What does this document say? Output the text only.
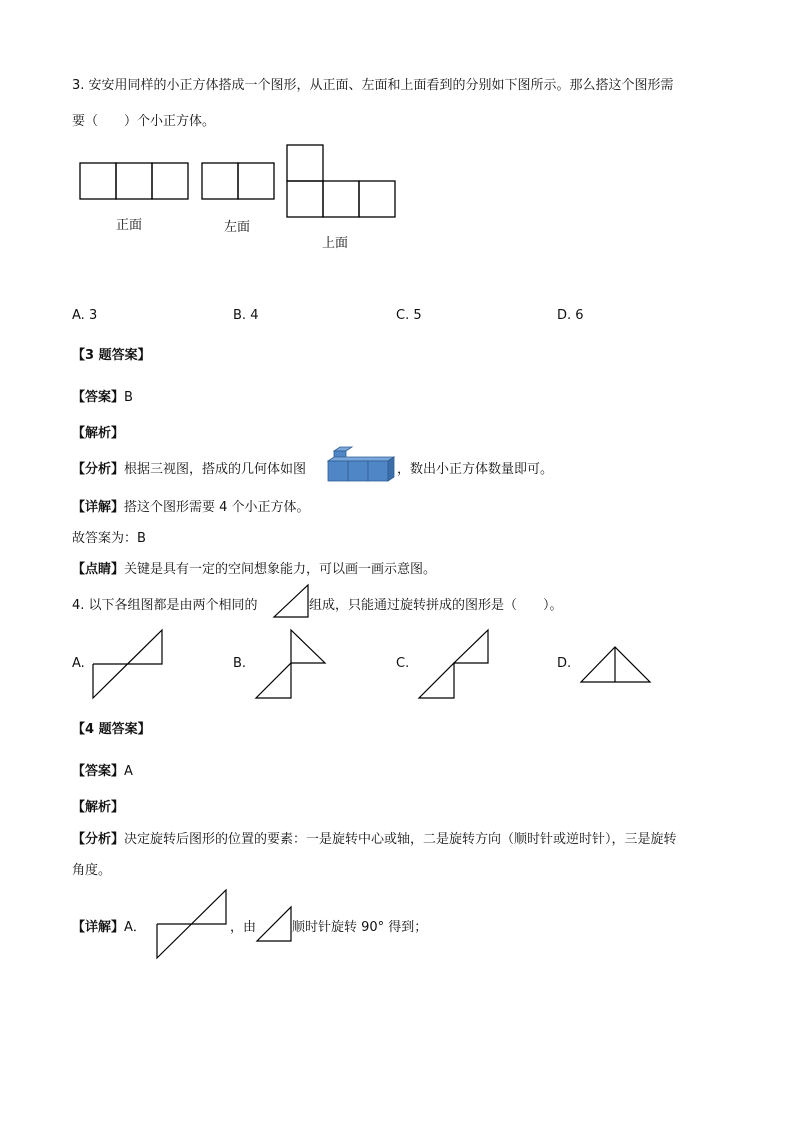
3. 安安用同样的小正方体搭成一个图形，从正面、左面和上面看到的分别如下图所示。那么搭这个图形需
要（　　）个小正方体。
正面	左面
上面
A. 3	B. 4	C. 5	D. 6
【3 题答案】
【答案】B
【解析】
【分析】根据三视图，搭成的几何体如图	，数出小正方体数量即可。
【详解】搭这个图形需要 4 个小正方体。
故答案为：B
【点睛】关键是具有一定的空间想象能力，可以画一画示意图。
4. 以下各组图都是由两个相同的	组成，只能通过旋转拼成的图形是（　　）。
A.	B.	C.	D.
【4 题答案】
【答案】A
【解析】
【分析】决定旋转后图形的位置的要素：一是旋转中心或轴，二是旋转方向（顺时针或逆时针），三是旋转
角度。
【详解】A．	，由	顺时针旋转 90° 得到；
